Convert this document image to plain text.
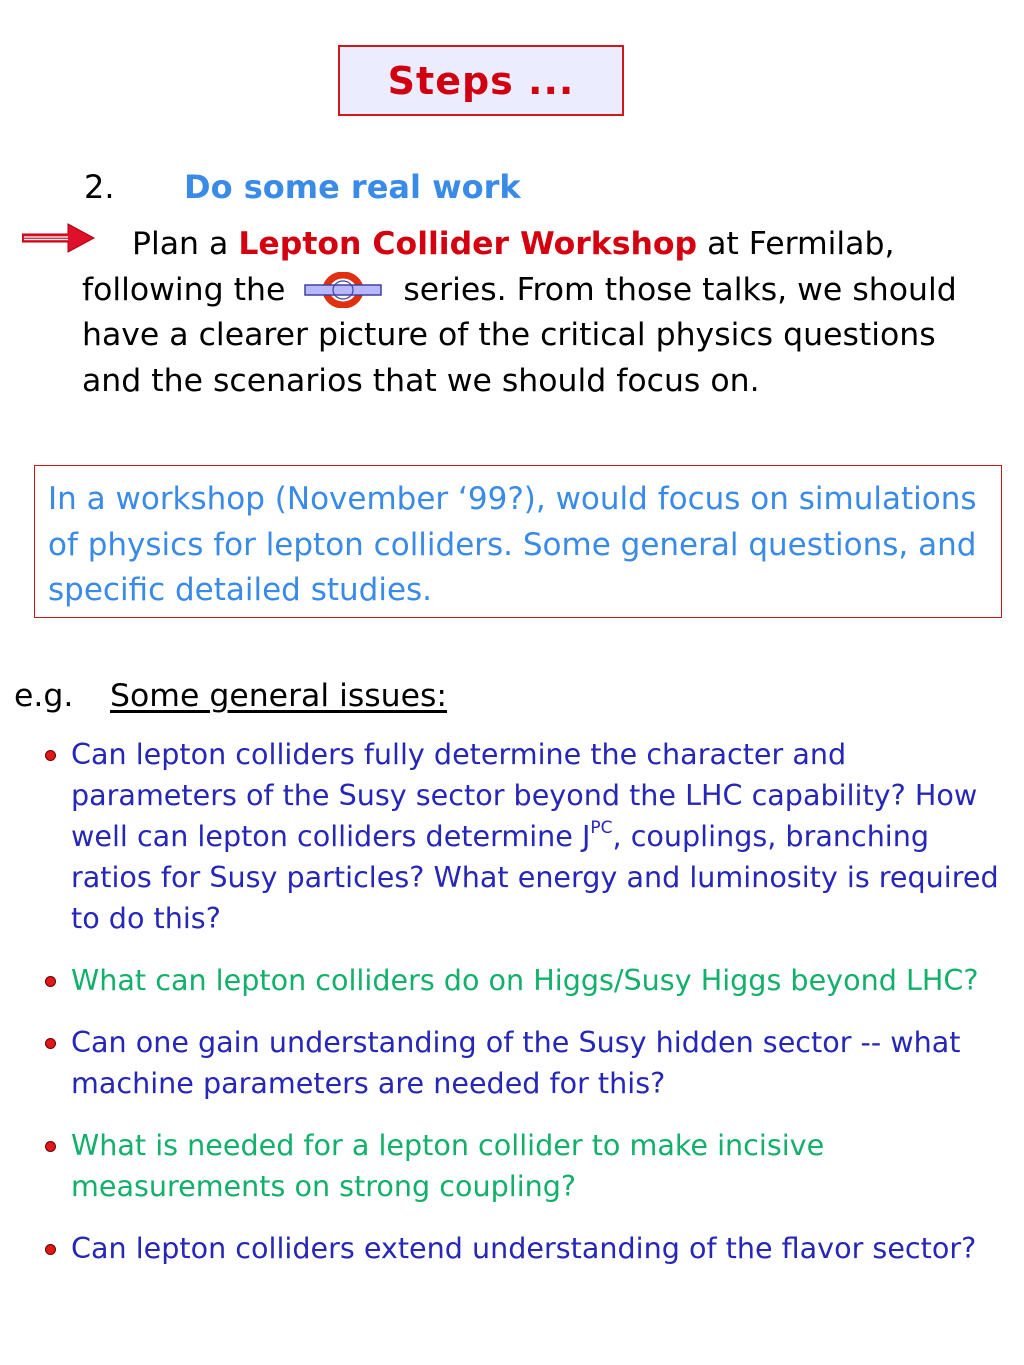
Steps ...
2. Do some real work
Plan a Lepton Collider Workshop at Fermilab, following the	series. From those talks, we should have a clearer picture of the critical physics questions and the scenarios that we should focus on.
In a workshop (November ‘99?), would focus on simulations of physics for lepton colliders. Some general questions, and specific detailed studies.
e.g. Some general issues:
Can lepton colliders fully determine the character and parameters of the Susy sector beyond the LHC capability? How well can lepton colliders determine $J^{PC}$, couplings, branching ratios for Susy particles? What energy and luminosity is required to do this?
What can lepton colliders do on Higgs/Susy Higgs beyond LHC?
Can one gain understanding of the Susy hidden sector -- what machine parameters are needed for this?
What is needed for a lepton collider to make incisive measurements on strong coupling?
Can lepton colliders extend understanding of the flavor sector?
